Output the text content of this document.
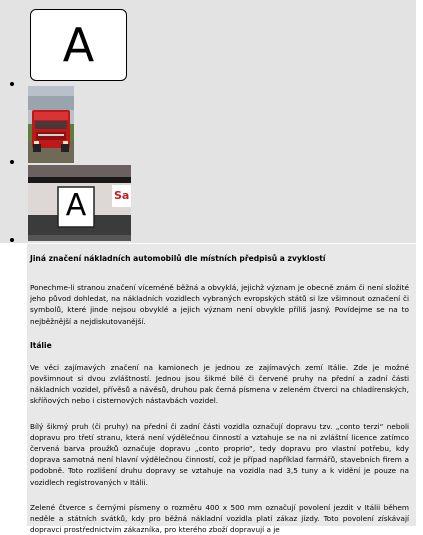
A
A	Sa
Jiná značení nákladních automobilů dle místních předpisů a zvyklostí

Ponechme-li stranou značení víceméně běžná a obvyklá, jejichž význam je obecně znám či není složité jeho původ dohledat, na nákladních vozidlech vybraných evropských států si lze všimnout označení či symbolů, které jinde nejsou obvyklé a jejich význam není obvykle příliš jasný. Povídejme se na to nejběžnější a nejdiskutovanější.

Itálie

Ve věci zajímavých značení na kamionech je jednou ze zajímavých zemí Itálie. Zde je možné povšimnout si dvou zvláštností. Jednou jsou šikmé bílé či červené pruhy na přední a zadní části nákladních vozidel, přívěsů a návěsů, druhou pak černá písmena v zeleném čtverci na chladírenských, skříňových nebo i cisternových nástavbách vozidel.

Bílý šikmý pruh (či pruhy) na přední či zadní části vozidla označují dopravu tzv. „conto terzi“ neboli dopravu pro třetí stranu, která není výdělečnou činností a vztahuje se na ni zvláštní licence zatímco červená barva proužků označuje dopravu „conto proprio“, tedy dopravu pro vlastní potřebu, kdy doprava samotná není hlavní výdělečnou činností, což je případ například farmářů, stavebních firem a podobně. Toto rozlišení druhu dopravy se vztahuje na vozidla nad 3,5 tuny a k vidění je pouze na vozidlech registrovaných v Itálii.

Zelené čtverce s černými písmeny o rozměru 400 x 500 mm označují povolení jezdit v Itálii během neděle a státních svátků, kdy pro běžná nákladní vozidla platí zákaz jízdy. Toto povolení získávají dopravci prostřednictvím zákazníka, pro kterého zboží dopravují a je
